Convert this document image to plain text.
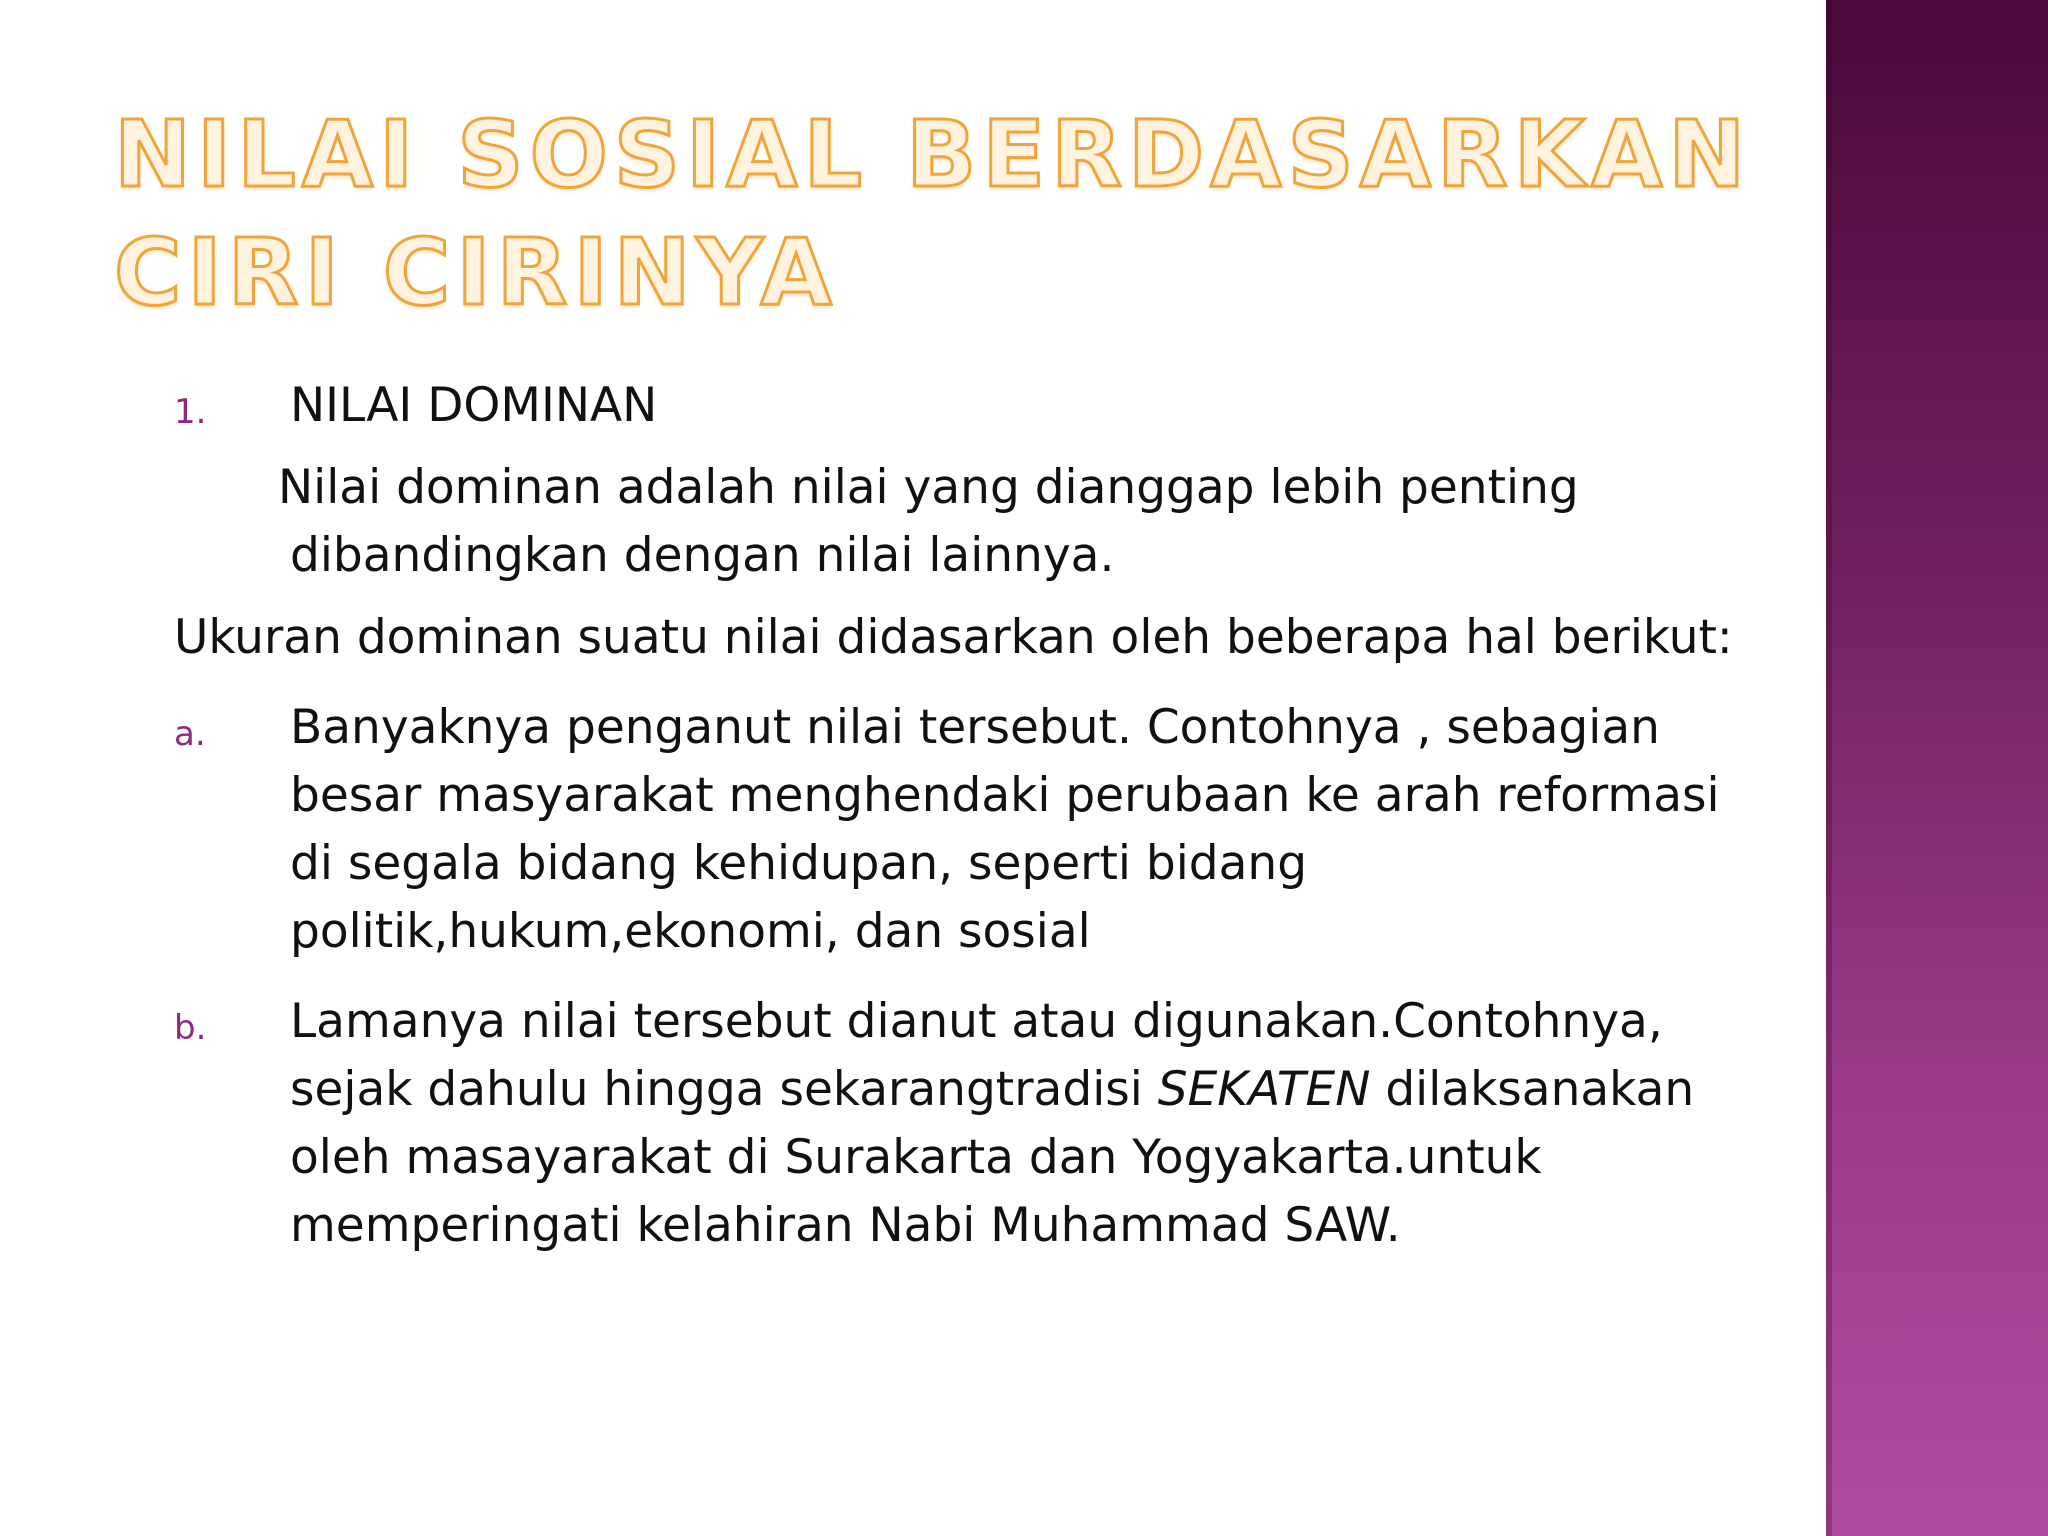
NILAI SOSIAL BERDASARKAN CIRI CIRINYA
1. NILAI DOMINAN
Nilai dominan adalah nilai yang dianggap lebih penting dibandingkan dengan nilai lainnya.
Ukuran dominan suatu nilai didasarkan oleh beberapa hal berikut:
a. Banyaknya penganut nilai tersebut. Contohnya , sebagian besar masyarakat menghendaki perubaan ke arah reformasi di segala bidang kehidupan, seperti bidang politik,hukum,ekonomi, dan sosial
b. Lamanya nilai tersebut dianut atau digunakan.Contohnya, sejak dahulu hingga sekarangtradisi SEKATEN dilaksanakan oleh masayarakat di Surakarta dan Yogyakarta.untuk memperingati kelahiran Nabi Muhammad SAW.
